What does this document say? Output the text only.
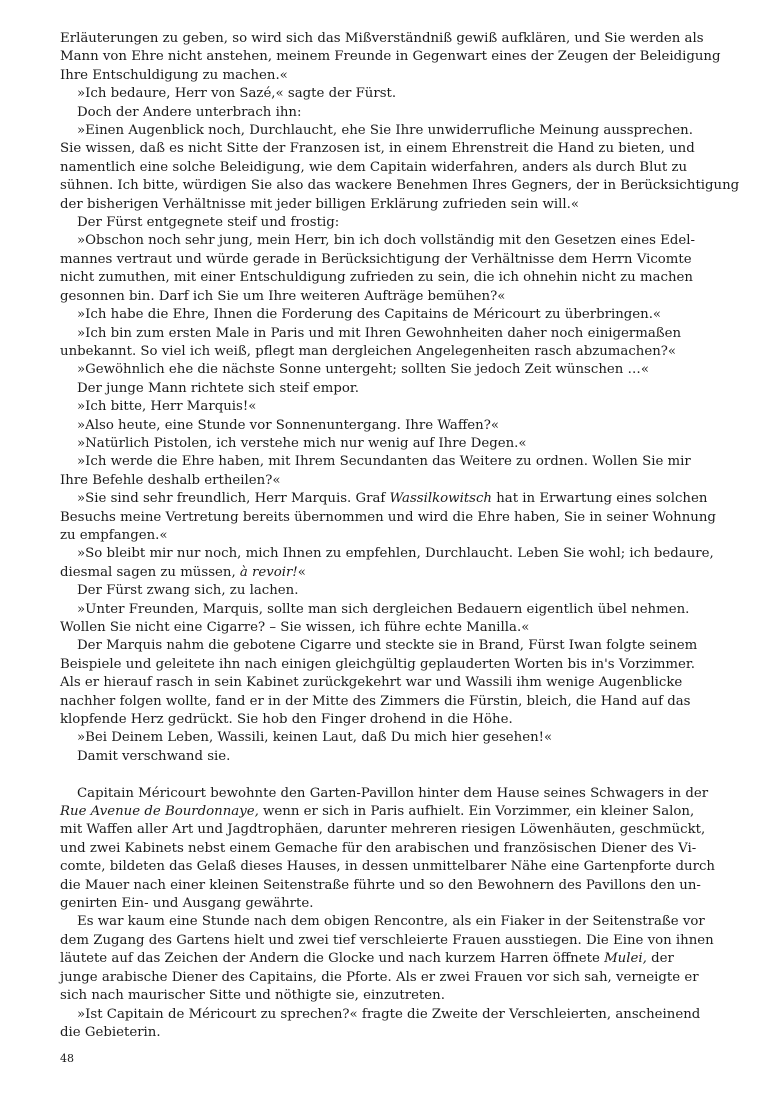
Erläuterungen zu geben, so wird sich das Mißverständniß gewiß aufklären, und Sie werden als
Mann von Ehre nicht anstehen, meinem Freunde in Gegenwart eines der Zeugen der Beleidigung
Ihre Entschuldigung zu machen.«
»Ich bedaure, Herr von Sazé,« sagte der Fürst.
Doch der Andere unterbrach ihn:
»Einen Augenblick noch, Durchlaucht, ehe Sie Ihre unwiderrufliche Meinung aussprechen.
Sie wissen, daß es nicht Sitte der Franzosen ist, in einem Ehrenstreit die Hand zu bieten, und
namentlich eine solche Beleidigung, wie dem Capitain widerfahren, anders als durch Blut zu
sühnen. Ich bitte, würdigen Sie also das wackere Benehmen Ihres Gegners, der in Berücksichtigung
der bisherigen Verhältnisse mit jeder billigen Erklärung zufrieden sein will.«
Der Fürst entgegnete steif und frostig:
»Obschon noch sehr jung, mein Herr, bin ich doch vollständig mit den Gesetzen eines Edel-
mannes vertraut und würde gerade in Berücksichtigung der Verhältnisse dem Herrn Vicomte
nicht zumuthen, mit einer Entschuldigung zufrieden zu sein, die ich ohnehin nicht zu machen
gesonnen bin. Darf ich Sie um Ihre weiteren Aufträge bemühen?«
»Ich habe die Ehre, Ihnen die Forderung des Capitains de Méricourt zu überbringen.«
»Ich bin zum ersten Male in Paris und mit Ihren Gewohnheiten daher noch einigermaßen
unbekannt. So viel ich weiß, pflegt man dergleichen Angelegenheiten rasch abzumachen?«
»Gewöhnlich ehe die nächste Sonne untergeht; sollten Sie jedoch Zeit wünschen …«
Der junge Mann richtete sich steif empor.
»Ich bitte, Herr Marquis!«
»Also heute, eine Stunde vor Sonnenuntergang. Ihre Waffen?«
»Natürlich Pistolen, ich verstehe mich nur wenig auf Ihre Degen.«
»Ich werde die Ehre haben, mit Ihrem Secundanten das Weitere zu ordnen. Wollen Sie mir
Ihre Befehle deshalb ertheilen?«
»Sie sind sehr freundlich, Herr Marquis. Graf Wassilkowitsch hat in Erwartung eines solchen
Besuchs meine Vertretung bereits übernommen und wird die Ehre haben, Sie in seiner Wohnung
zu empfangen.«
»So bleibt mir nur noch, mich Ihnen zu empfehlen, Durchlaucht. Leben Sie wohl; ich bedaure,
diesmal sagen zu müssen, à revoir!«
Der Fürst zwang sich, zu lachen.
»Unter Freunden, Marquis, sollte man sich dergleichen Bedauern eigentlich übel nehmen.
Wollen Sie nicht eine Cigarre? – Sie wissen, ich führe echte Manilla.«
Der Marquis nahm die gebotene Cigarre und steckte sie in Brand, Fürst Iwan folgte seinem
Beispiele und geleitete ihn nach einigen gleichgültig geplauderten Worten bis in's Vorzimmer.
Als er hierauf rasch in sein Kabinet zurückgekehrt war und Wassili ihm wenige Augenblicke
nachher folgen wollte, fand er in der Mitte des Zimmers die Fürstin, bleich, die Hand auf das
klopfende Herz gedrückt. Sie hob den Finger drohend in die Höhe.
»Bei Deinem Leben, Wassili, keinen Laut, daß Du mich hier gesehen!«
Damit verschwand sie.
Capitain Méricourt bewohnte den Garten-Pavillon hinter dem Hause seines Schwagers in der
Rue Avenue de Bourdonnaye, wenn er sich in Paris aufhielt. Ein Vorzimmer, ein kleiner Salon,
mit Waffen aller Art und Jagdtrophäen, darunter mehreren riesigen Löwenhäuten, geschmückt,
und zwei Kabinets nebst einem Gemache für den arabischen und französischen Diener des Vi-
comte, bildeten das Gelaß dieses Hauses, in dessen unmittelbarer Nähe eine Gartenpforte durch
die Mauer nach einer kleinen Seitenstraße führte und so den Bewohnern des Pavillons den un-
genirten Ein- und Ausgang gewährte.
Es war kaum eine Stunde nach dem obigen Rencontre, als ein Fiaker in der Seitenstraße vor
dem Zugang des Gartens hielt und zwei tief verschleierte Frauen ausstiegen. Die Eine von ihnen
läutete auf das Zeichen der Andern die Glocke und nach kurzem Harren öffnete Mulei, der
junge arabische Diener des Capitains, die Pforte. Als er zwei Frauen vor sich sah, verneigte er
sich nach maurischer Sitte und nöthigte sie, einzutreten.
»Ist Capitain de Méricourt zu sprechen?« fragte die Zweite der Verschleierten, anscheinend
die Gebieterin.
48
